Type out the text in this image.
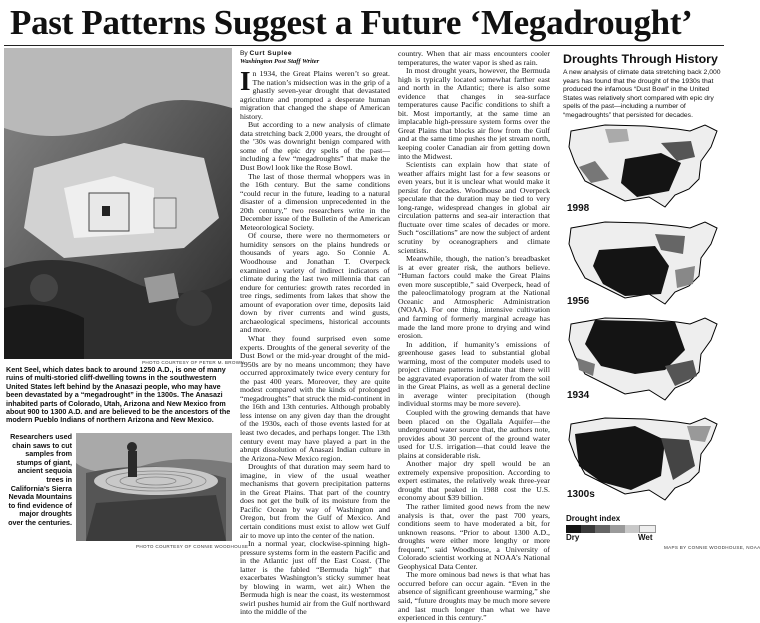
Past Patterns Suggest a Future ‘Megadrought’
PHOTO COURTESY OF PETER M. BROWN
Kent Seel, which dates back to around 1250 A.D., is one of many ruins of multi-storied cliff-dwelling towns in the southwestern United States left behind by the Anasazi people, who may have been devastated by a “megadrought” in the 1300s. The Anasazi inhabited parts of Colorado, Utah, Arizona and New Mexico from about 900 to 1300 A.D. and are believed to be the ancestors of the modern Pueblo Indians of northern Arizona and New Mexico.
PHOTO COURTESY OF CONNIE WOODHOUSE
Researchers used chain saws to cut samples from stumps of giant, ancient sequoia trees in California’s Sierra Nevada Mountains to find evidence of major droughts over the centuries.
By Curt Suplee
Washington Post Staff Writer

In 1934, the Great Plains weren’t so great. The nation’s midsection was in the grip of a ghastly seven-year drought that devastated agriculture and prompted a desperate human migration that changed the shape of American history.

But according to a new analysis of climate data stretching back 2,000 years, the drought of the ’30s was downright benign compared with some of the epic dry spells of the past—including a few “megadroughts” that make the Dust Bowl look like the Rose Bowl.

The last of those thermal whoppers was in the 16th century. But the same conditions “could recur in the future, leading to a natural disaster of a dimension unprecedented in the 20th century,” two researchers write in the December issue of the Bulletin of the American Meteorological Society.

Of course, there were no thermometers or humidity sensors on the plains hundreds or thousands of years ago. So Connie A. Woodhouse and Jonathan T. Overpeck examined a variety of indirect indicators of climate during the last two millennia that can endure for centuries: growth rates recorded in tree rings, sediments from lakes that show the amount of evaporation over time, deposits laid down by river currents and wind gusts, archaeological specimens, historical accounts and more.

What they found surprised even some experts. Droughts of the general severity of the Dust Bowl or the mid-year drought of the mid-1950s are by no means uncommon; they have occurred approximately twice every century for the past 400 years. Moreover, they are quite modest compared with the kinds of prolonged “megadroughts” that struck the mid-continent in the 16th and 13th centuries. Although probably less intense on any given day than the drought of the 1930s, each of those events lasted for at least two decades, and perhaps longer. The 13th century event may have played a part in the abrupt dissolution of Anasazi Indian culture in the Arizona-New Mexico region.

Droughts of that duration may seem hard to imagine, in view of the usual weather mechanisms that govern precipitation patterns in the Great Plains. That part of the country does not get the bulk of its moisture from the Pacific Ocean by way of Washington and Oregon, but from the Gulf of Mexico. And certain conditions must exist to allow wet Gulf air to move up into the center of the nation.

In a normal year, clockwise-spinning high-pressure systems form in the eastern Pacific and in the Atlantic just off the East Coast. (The latter is the fabled “Bermuda high” that exacerbates Washington’s sticky summer heat by blowing in warm, wet air.) When the Bermuda high is near the coast, its westernmost swirl pushes humid air from the Gulf northward into the middle of the

country. When that air mass encounters cooler temperatures, the water vapor is shed as rain.

In most drought years, however, the Bermuda high is typically located somewhat farther east and north in the Atlantic; there is also some evidence that changes in sea-surface temperatures cause Pacific conditions to shift a bit. Most importantly, at the same time an implacable high-pressure system forms over the Great Plains that blocks air flow from the Gulf and at the same time pushes the jet stream north, keeping cooler Canadian air from getting down into the Midwest.

Scientists can explain how that state of weather affairs might last for a few seasons or even years, but it is unclear what would make it persist for decades. Woodhouse and Overpeck speculate that the duration may be tied to very long-range, widespread changes in global air circulation patterns and sea-air interaction that fluctuate over time scales of decades or more. Such “oscillations” are now the subject of ardent scrutiny by oceanographers and climate scientists.

Meanwhile, though, the nation’s breadbasket is at ever greater risk, the authors believe. “Human factors could make the Great Plains even more susceptible,” said Overpeck, head of the paleoclimatology program at the National Oceanic and Atmospheric Administration (NOAA). For one thing, intensive cultivation and farming of formerly marginal acreage has made the land more prone to drying and wind erosion.

In addition, if humanity’s emissions of greenhouse gases lead to substantial global warming, most of the computer models used to project climate patterns indicate that there will be aggravated evaporation of water from the soil in the Great Plains, as well as a general decline in average winter precipitation (though individual storms may be more severe).

Coupled with the growing demands that have been placed on the Ogallala Aquifer—the underground water source that, the authors note, provides about 30 percent of the ground water used for U.S. irrigation—that could leave the plains at considerable risk.

Another major dry spell would be an extremely expensive proposition. According to expert estimates, the relatively weak three-year drought that peaked in 1988 cost the U.S. economy about $39 billion.

The rather limited good news from the new analysis is that, over the past 700 years, conditions seem to have moderated a bit, for unknown reasons. “Prior to about 1300 A.D., droughts were either more lengthy or more frequent,” said Woodhouse, a University of Colorado scientist working at NOAA’s National Geophysical Data Center.

The more ominous bad news is that what has occurred before can occur again. “Even in the absence of significant greenhouse warming,” she said, “future droughts may be much more severe and last much longer than what we have experienced in this century.”

Droughts Through History
A new analysis of climate data stretching back 2,000 years has found that the drought of the 1930s that produced the infamous “Dust Bowl” in the United States was relatively short compared with epic dry spells of the past—including a number of “megadroughts” that persisted for decades.
1998
1956
1934
1300s
Drought index
Dry	Wet
MAPS BY CONNIE WOODHOUSE, NOAA
